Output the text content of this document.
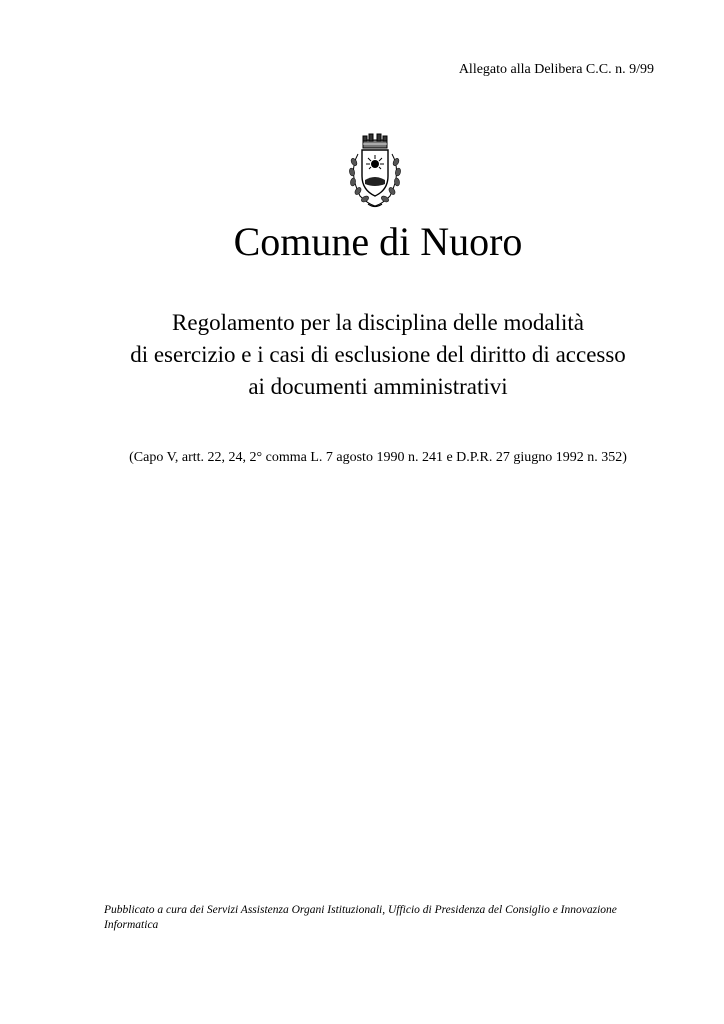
Allegato alla Delibera C.C. n. 9/99
Comune di Nuoro
Regolamento per la disciplina delle modalità
di esercizio e i casi di esclusione del diritto di accesso
ai documenti amministrativi
(Capo V, artt. 22, 24, 2° comma L. 7 agosto 1990 n. 241 e D.P.R. 27 giugno 1992 n. 352)
Pubblicato a cura dei Servizi Assistenza Organi Istituzionali, Ufficio di Presidenza del Consiglio e Innovazione Informatica
